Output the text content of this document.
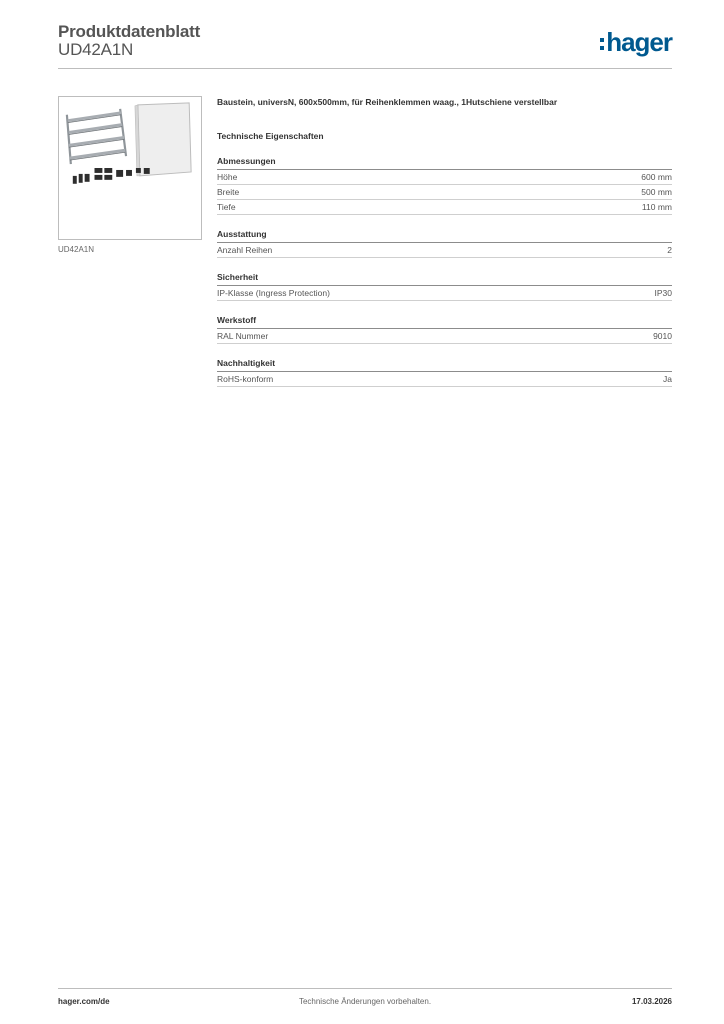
Produktdatenblatt
UD42A1N	hager
UD42A1N
Baustein, universN, 600x500mm, für Reihenklemmen waag., 1Hutschiene verstellbar
Technische Eigenschaften
Abmessungen
Höhe	600 mm
Breite	500 mm
Tiefe	110 mm
Ausstattung
Anzahl Reihen	2
Sicherheit
IP-Klasse (Ingress Protection)	IP30
Werkstoff
RAL Nummer	9010
Nachhaltigkeit
RoHS-konform	Ja
hager.com/de	Technische Änderungen vorbehalten.	17.03.2026
